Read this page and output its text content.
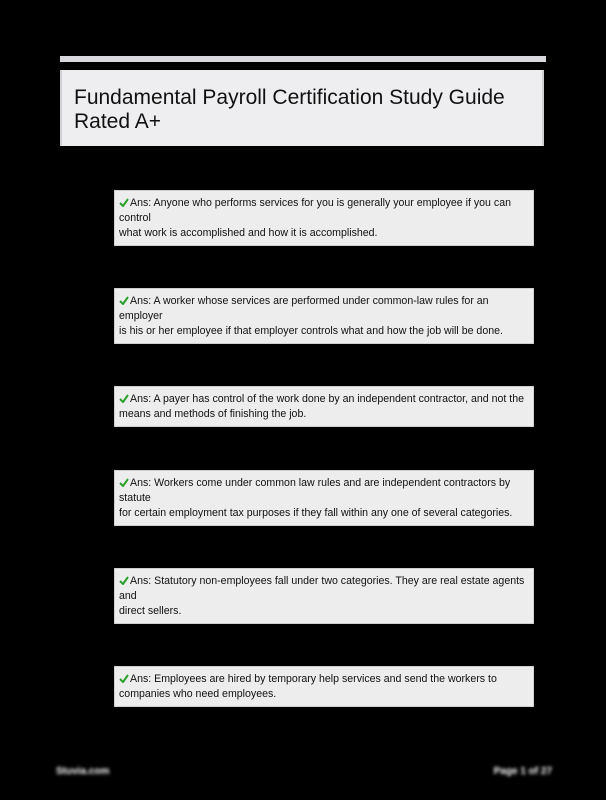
Fundamental Payroll Certification Study Guide Rated A+
Ans: Anyone who performs services for you is generally your employee if you can control
what work is accomplished and how it is accomplished.
Ans: A worker whose services are performed under common-law rules for an employer
is his or her employee if that employer controls what and how the job will be done.
Ans: A payer has control of the work done by an independent contractor, and not the
means and methods of finishing the job.
Ans: Workers come under common law rules and are independent contractors by statute
for certain employment tax purposes if they fall within any one of several categories.
Ans: Statutory non-employees fall under two categories. They are real estate agents and
direct sellers.
Ans: Employees are hired by temporary help services and send the workers to
companies who need employees.
Stuvia.com	Page 1 of 27
